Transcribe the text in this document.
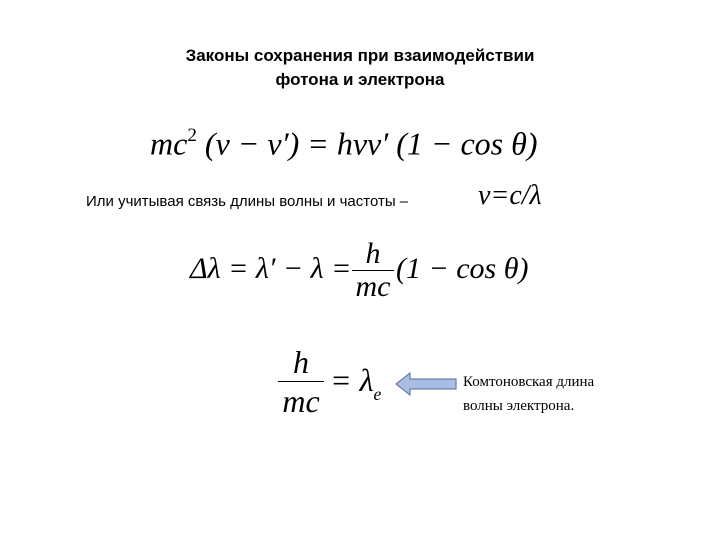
Законы сохранения при взаимодействии
фотона и электрона
$mc^2$ (ν − ν′) = hνν′ (1 − cos θ)
Или учитывая связь длины волны и частоты – ν=c/λ
Δλ = λ′ − λ = h
mc
(1 − cos θ)
h
mc
= $\lambda_e$
Комтоновская длина
волны электрона.
